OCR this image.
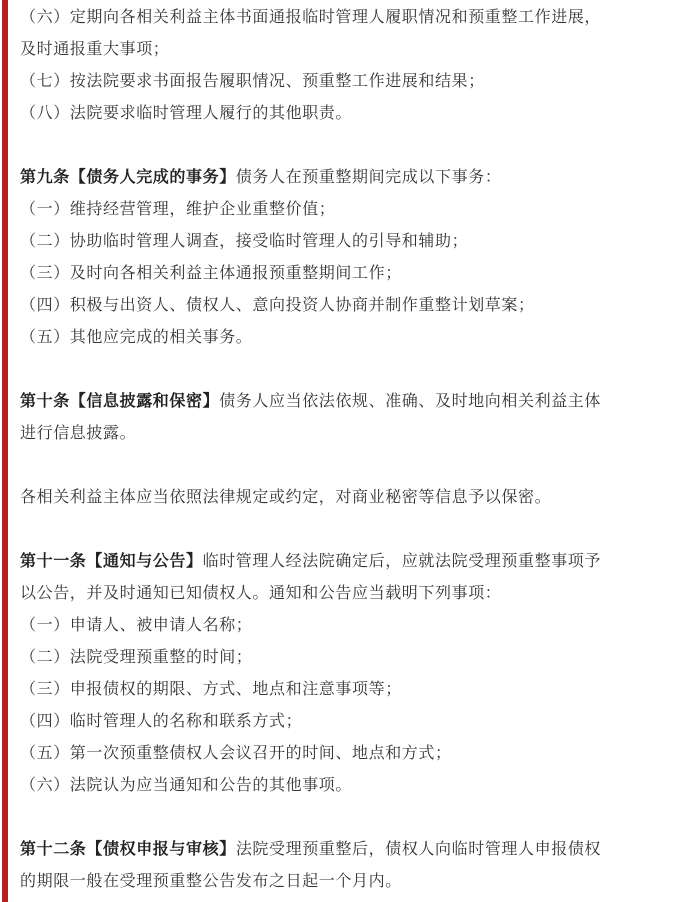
（六）定期向各相关利益主体书面通报临时管理人履职情况和预重整工作进展，
及时通报重大事项；
（七）按法院要求书面报告履职情况、预重整工作进展和结果；
（八）法院要求临时管理人履行的其他职责。
第九条【债务人完成的事务】债务人在预重整期间完成以下事务：
（一）维持经营管理，维护企业重整价值；
（二）协助临时管理人调查，接受临时管理人的引导和辅助；
（三）及时向各相关利益主体通报预重整期间工作；
（四）积极与出资人、债权人、意向投资人协商并制作重整计划草案；
（五）其他应完成的相关事务。
第十条【信息披露和保密】债务人应当依法依规、准确、及时地向相关利益主体
进行信息披露。
各相关利益主体应当依照法律规定或约定，对商业秘密等信息予以保密。
第十一条【通知与公告】临时管理人经法院确定后，应就法院受理预重整事项予
以公告，并及时通知已知债权人。通知和公告应当载明下列事项：
（一）申请人、被申请人名称；
（二）法院受理预重整的时间；
（三）申报债权的期限、方式、地点和注意事项等；
（四）临时管理人的名称和联系方式；
（五）第一次预重整债权人会议召开的时间、地点和方式；
（六）法院认为应当通知和公告的其他事项。
第十二条【债权申报与审核】法院受理预重整后，债权人向临时管理人申报债权
的期限一般在受理预重整公告发布之日起一个月内。
